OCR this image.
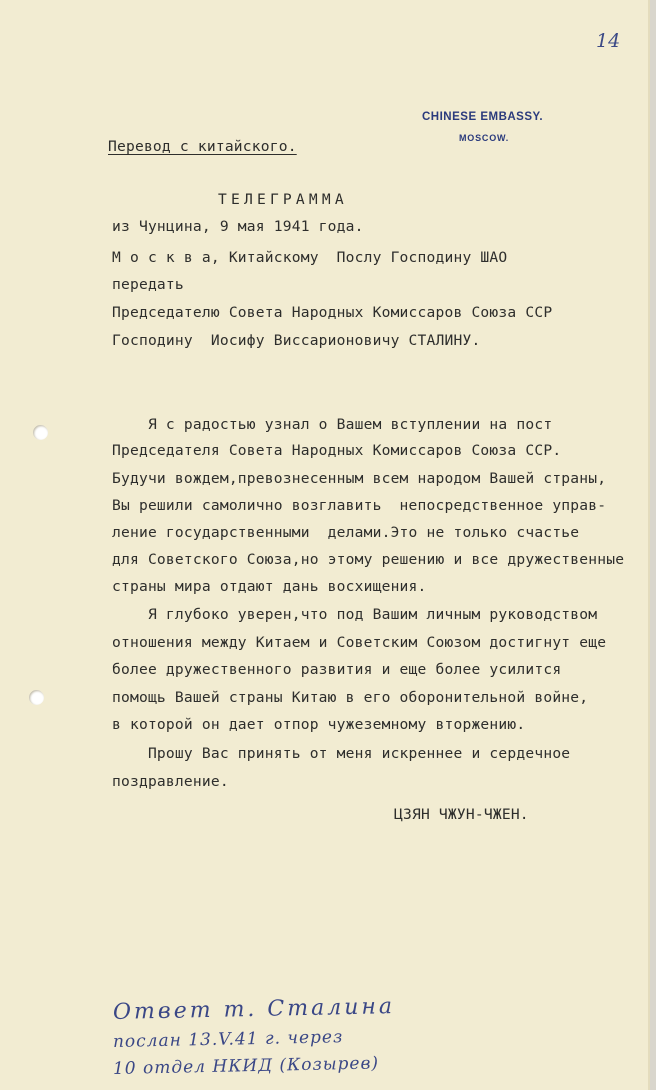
14
CHINESE EMBASSY.
MOSCOW.
Перевод с китайского.
ТЕЛЕГРАММА
из Чунцина, 9 мая 1941 года.
М о с к в а, Китайскому  Послу Господину ШАО
передать
Председателю Совета Народных Комиссаров Союза ССР
Господину  Иосифу Виссарионовичу СТАЛИНУ.
Я с радостью узнал о Вашем вступлении на пост
Председателя Совета Народных Комиссаров Союза ССР.
Будучи вождем,превознесенным всем народом Вашей страны,
Вы решили самолично возглавить  непосредственное управ-
ление государственными  делами.Это не только счастье
для Советского Союза,но этому решению и все дружественные
страны мира отдают дань восхищения.
Я глубоко уверен,что под Вашим личным руководством
отношения между Китаем и Советским Союзом достигнут еще
более дружественного развития и еще более усилится
помощь Вашей страны Китаю в его оборонительной войне,
в которой он дает отпор чужеземному вторжению.
Прошу Вас принять от меня искреннее и сердечное
поздравление.
ЦЗЯН ЧЖУН-ЧЖЕН.
Ответ т. Сталина
послан 13.V.41 г. через
10 отдел НКИД (Козырев)
